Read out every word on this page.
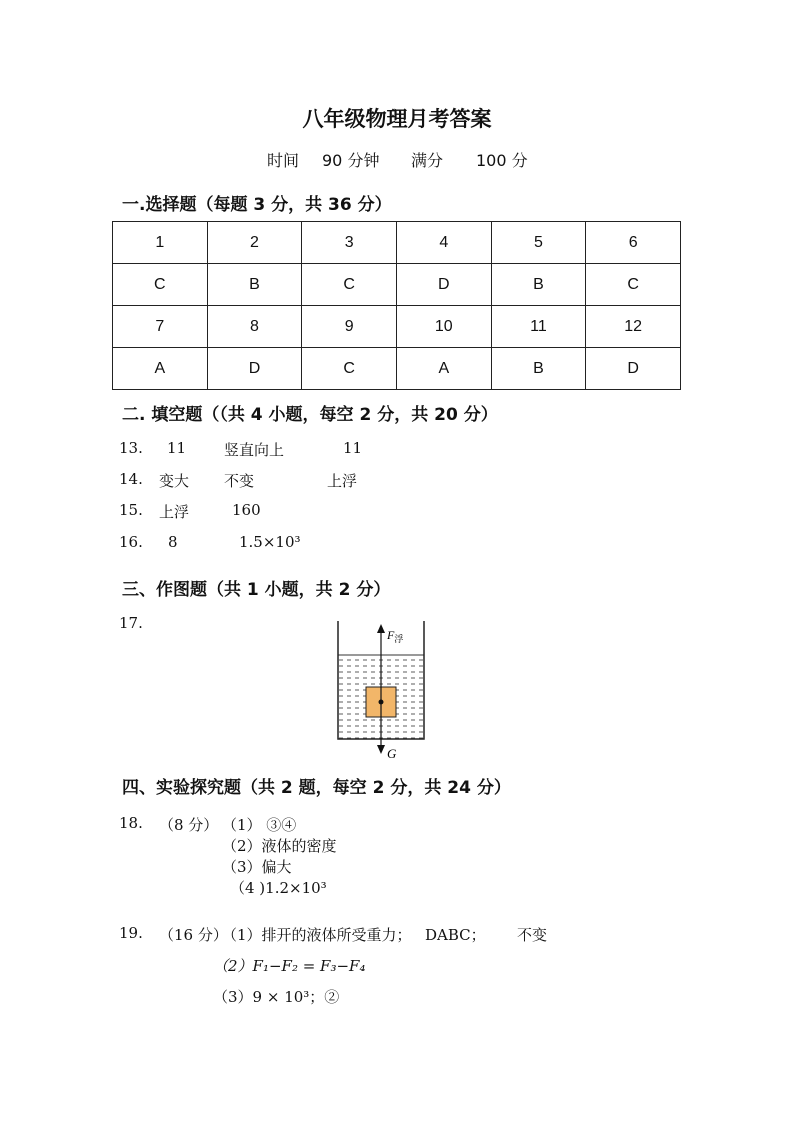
八年级物理月考答案
时间 90 分钟 满分 100 分
一.选择题（每题 3 分，共 36 分）
1	2	3	4	5	6
C	B	C	D	B	C
7	8	9	10	11	12
A	D	C	A	B	D
二. 填空题（（共 4 小题，每空 2 分，共 20 分）
13. 11	竖直向上	11
14. 变大 不变	上浮
15. 上浮	160
16. 8	1.5×10³
三、作图题（共 1 小题，共 2 分）
17.
$F_浮$
G
四、实验探究题（共 2 题，每空 2 分，共 24 分）
18. （8 分） （1） ③④
（2）液体的密度
（3）偏大
（4 )1.2×10³
19. （16 分）
（1）排开的液体所受重力； DABC； 不变
（2）F₁−F₂ = F₃−F₄
（3）9 × 10³；②
